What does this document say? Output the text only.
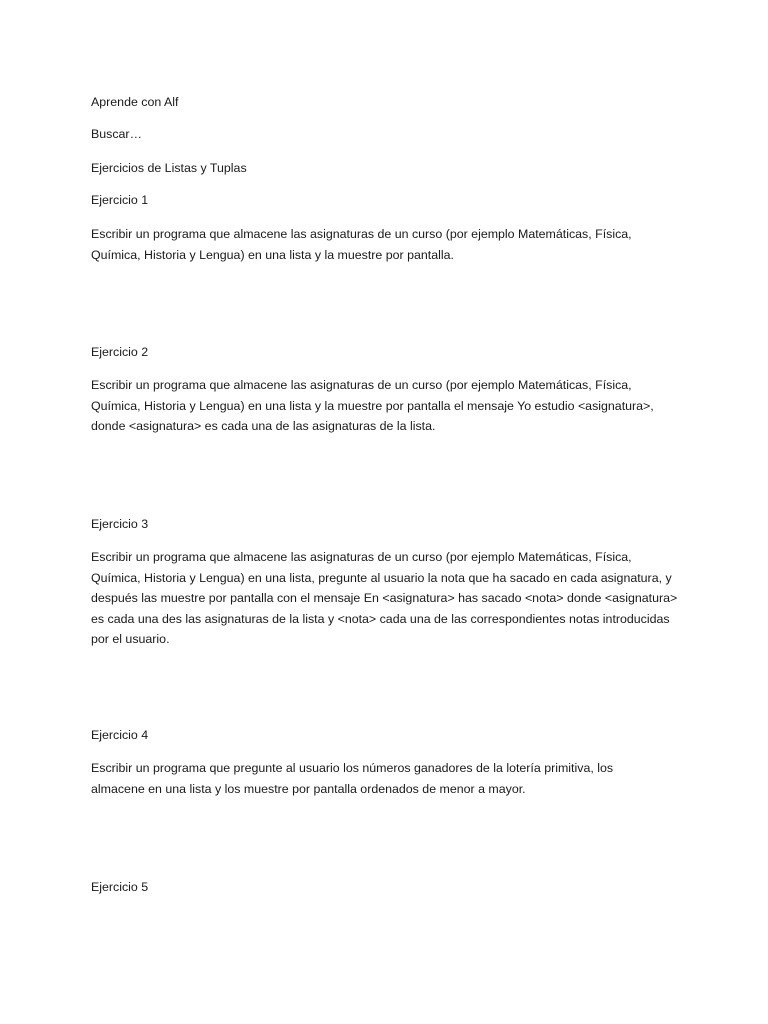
Aprende con Alf
Buscar…
Ejercicios de Listas y Tuplas
Ejercicio 1
Escribir un programa que almacene las asignaturas de un curso (por ejemplo Matemáticas, Física,
Química, Historia y Lengua) en una lista y la muestre por pantalla.
Ejercicio 2
Escribir un programa que almacene las asignaturas de un curso (por ejemplo Matemáticas, Física,
Química, Historia y Lengua) en una lista y la muestre por pantalla el mensaje Yo estudio <asignatura>,
donde <asignatura> es cada una de las asignaturas de la lista.
Ejercicio 3
Escribir un programa que almacene las asignaturas de un curso (por ejemplo Matemáticas, Física,
Química, Historia y Lengua) en una lista, pregunte al usuario la nota que ha sacado en cada asignatura, y
después las muestre por pantalla con el mensaje En <asignatura> has sacado <nota> donde <asignatura>
es cada una des las asignaturas de la lista y <nota> cada una de las correspondientes notas introducidas
por el usuario.
Ejercicio 4
Escribir un programa que pregunte al usuario los números ganadores de la lotería primitiva, los
almacene en una lista y los muestre por pantalla ordenados de menor a mayor.
Ejercicio 5
